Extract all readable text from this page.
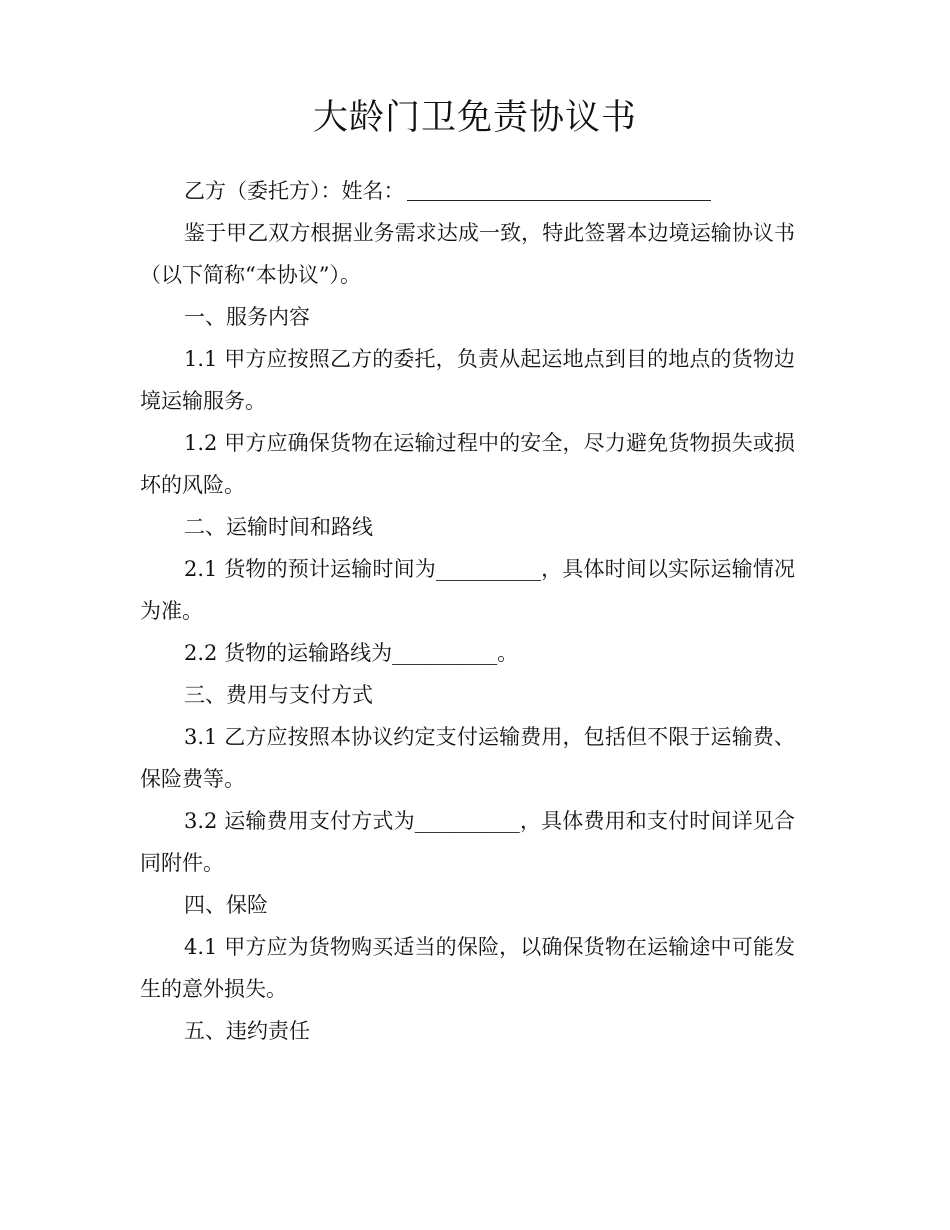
大龄门卫免责协议书

乙方（委托方）：姓名：

鉴于甲乙双方根据业务需求达成一致，特此签署本边境运输协议书（以下简称“本协议”）。

一、服务内容

1.1 甲方应按照乙方的委托，负责从起运地点到目的地点的货物边境运输服务。

1.2 甲方应确保货物在运输过程中的安全，尽力避免货物损失或损坏的风险。

二、运输时间和路线

2.1 货物的预计运输时间为__________，具体时间以实际运输情况为准。

2.2 货物的运输路线为__________。

三、费用与支付方式

3.1 乙方应按照本协议约定支付运输费用，包括但不限于运输费、保险费等。

3.2 运输费用支付方式为__________，具体费用和支付时间详见合同附件。

四、保险

4.1 甲方应为货物购买适当的保险，以确保货物在运输途中可能发生的意外损失。

五、违约责任
